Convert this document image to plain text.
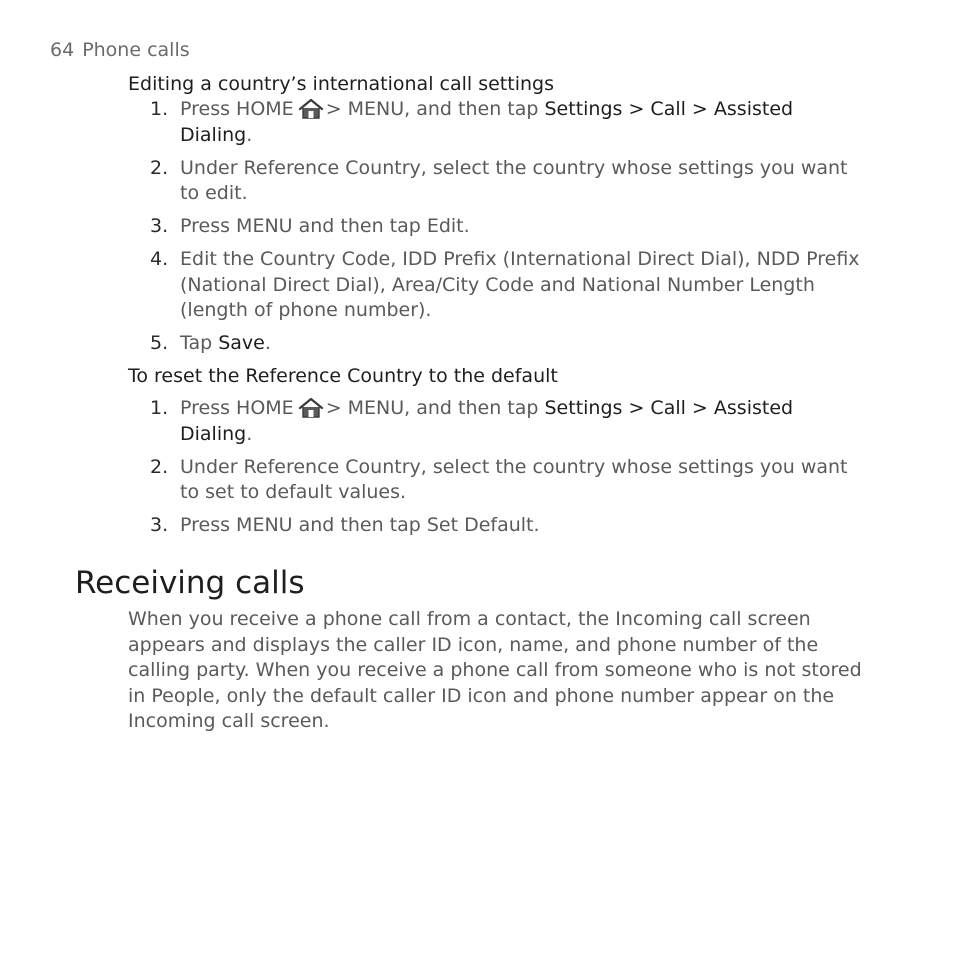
64 Phone calls
Editing a country’s international call settings
1. Press HOME > MENU, and then tap Settings > Call > Assisted Dialing.
2. Under Reference Country, select the country whose settings you want to edit.
3. Press MENU and then tap Edit.
4. Edit the Country Code, IDD Prefix (International Direct Dial), NDD Prefix (National Direct Dial), Area/City Code and National Number Length (length of phone number).
5. Tap Save.
To reset the Reference Country to the default
1. Press HOME > MENU, and then tap Settings > Call > Assisted Dialing.
2. Under Reference Country, select the country whose settings you want to set to default values.
3. Press MENU and then tap Set Default.
Receiving calls
When you receive a phone call from a contact, the Incoming call screen appears and displays the caller ID icon, name, and phone number of the calling party. When you receive a phone call from someone who is not stored in People, only the default caller ID icon and phone number appear on the Incoming call screen.
